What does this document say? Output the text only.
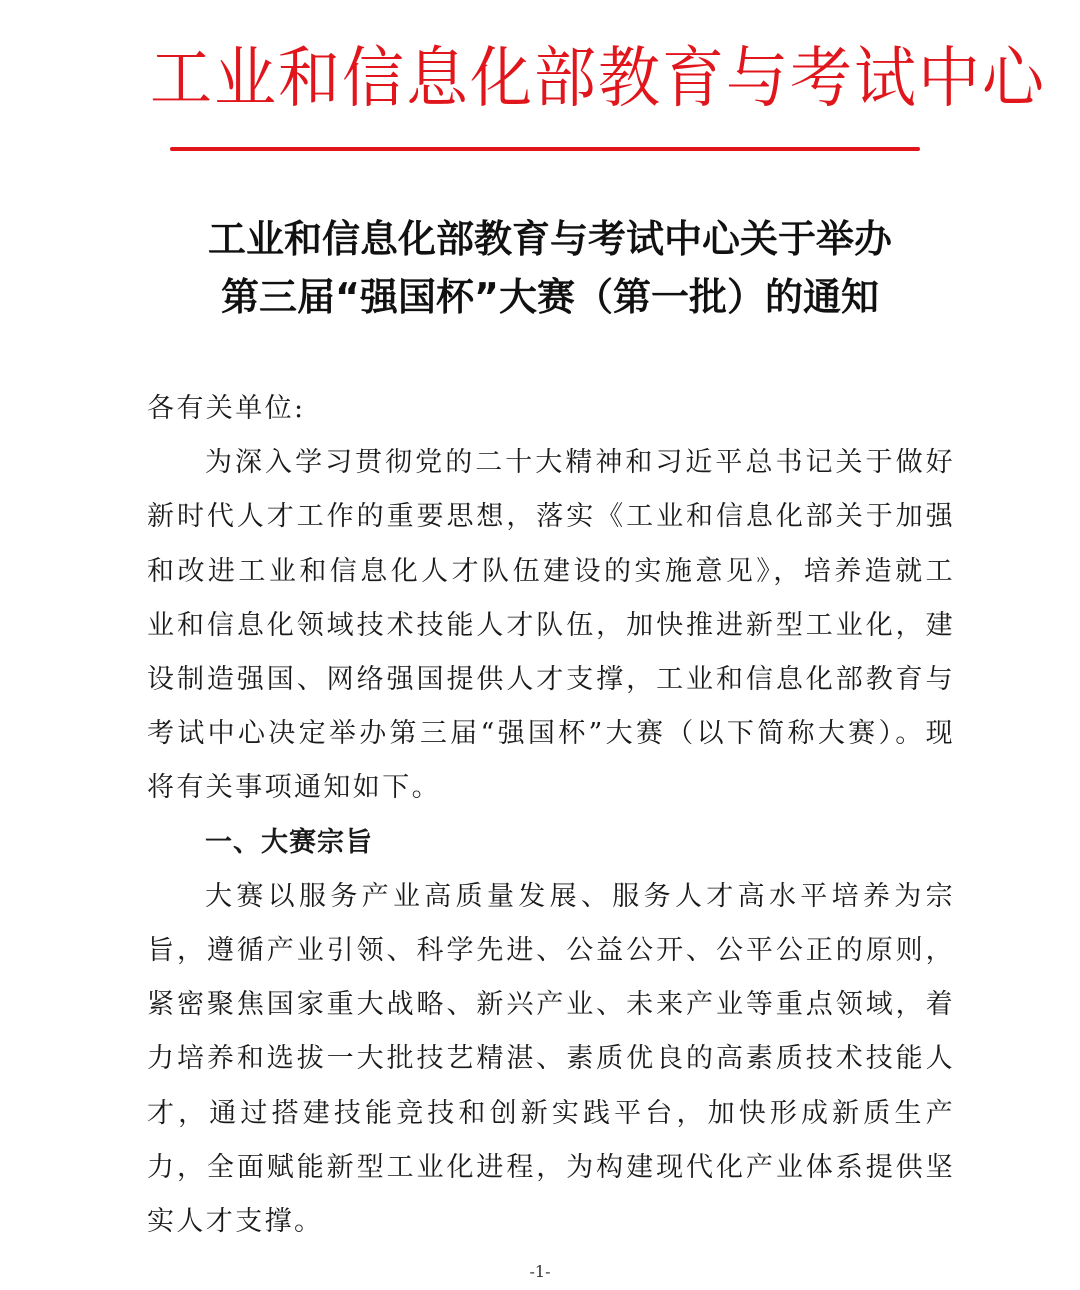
工业和信息化部教育与考试中心
工业和信息化部教育与考试中心关于举办
第三届“强国杯”大赛（第一批）的通知

各有关单位:

为深入学习贯彻党的二十大精神和习近平总书记关于做好新时代人才工作的重要思想，落实《工业和信息化部关于加强和改进工业和信息化人才队伍建设的实施意见》，培养造就工业和信息化领域技术技能人才队伍，加快推进新型工业化，建设制造强国、网络强国提供人才支撑，工业和信息化部教育与考试中心决定举办第三届“强国杯”大赛（以下简称大赛）。现将有关事项通知如下。

一、大赛宗旨

大赛以服务产业高质量发展、服务人才高水平培养为宗旨，遵循产业引领、科学先进、公益公开、公平公正的原则，紧密聚焦国家重大战略、新兴产业、未来产业等重点领域，着力培养和选拔一大批技艺精湛、素质优良的高素质技术技能人才，通过搭建技能竞技和创新实践平台，加快形成新质生产力，全面赋能新型工业化进程，为构建现代化产业体系提供坚实人才支撑。

-1-
